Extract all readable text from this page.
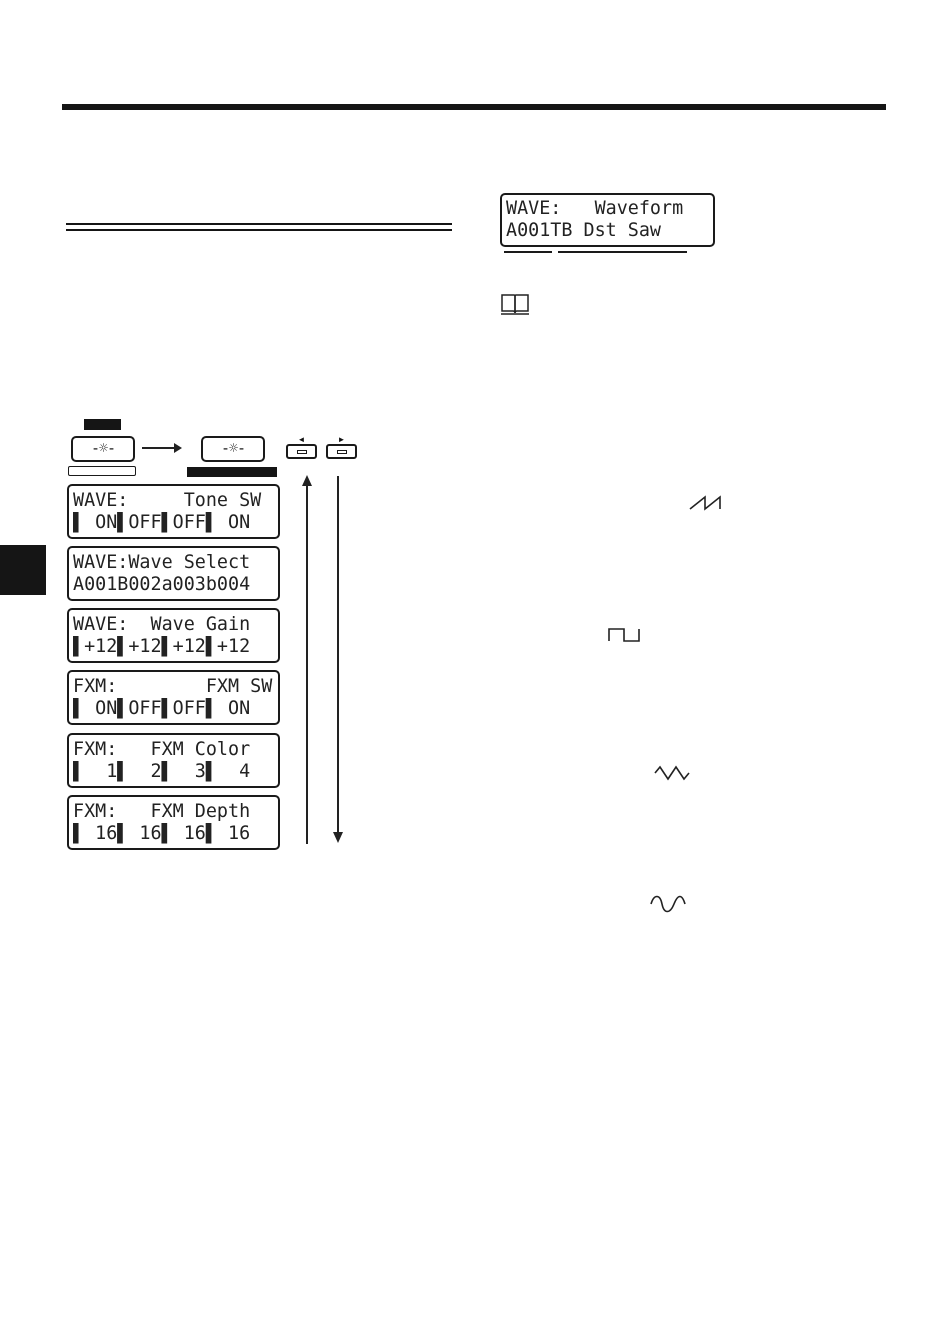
WAVE:   Waveform
A001TB Dst Saw
-☼-	-☼-	◄	►
WAVE:     Tone SW
▌ ON▌OFF▌OFF▌ ON
WAVE:Wave Select
A001B002a003b004
WAVE:  Wave Gain
▌+12▌+12▌+12▌+12
FXM:        FXM SW
▌ ON▌OFF▌OFF▌ ON
FXM:   FXM Color
▌  1▌  2▌  3▌  4
FXM:   FXM Depth
▌ 16▌ 16▌ 16▌ 16
